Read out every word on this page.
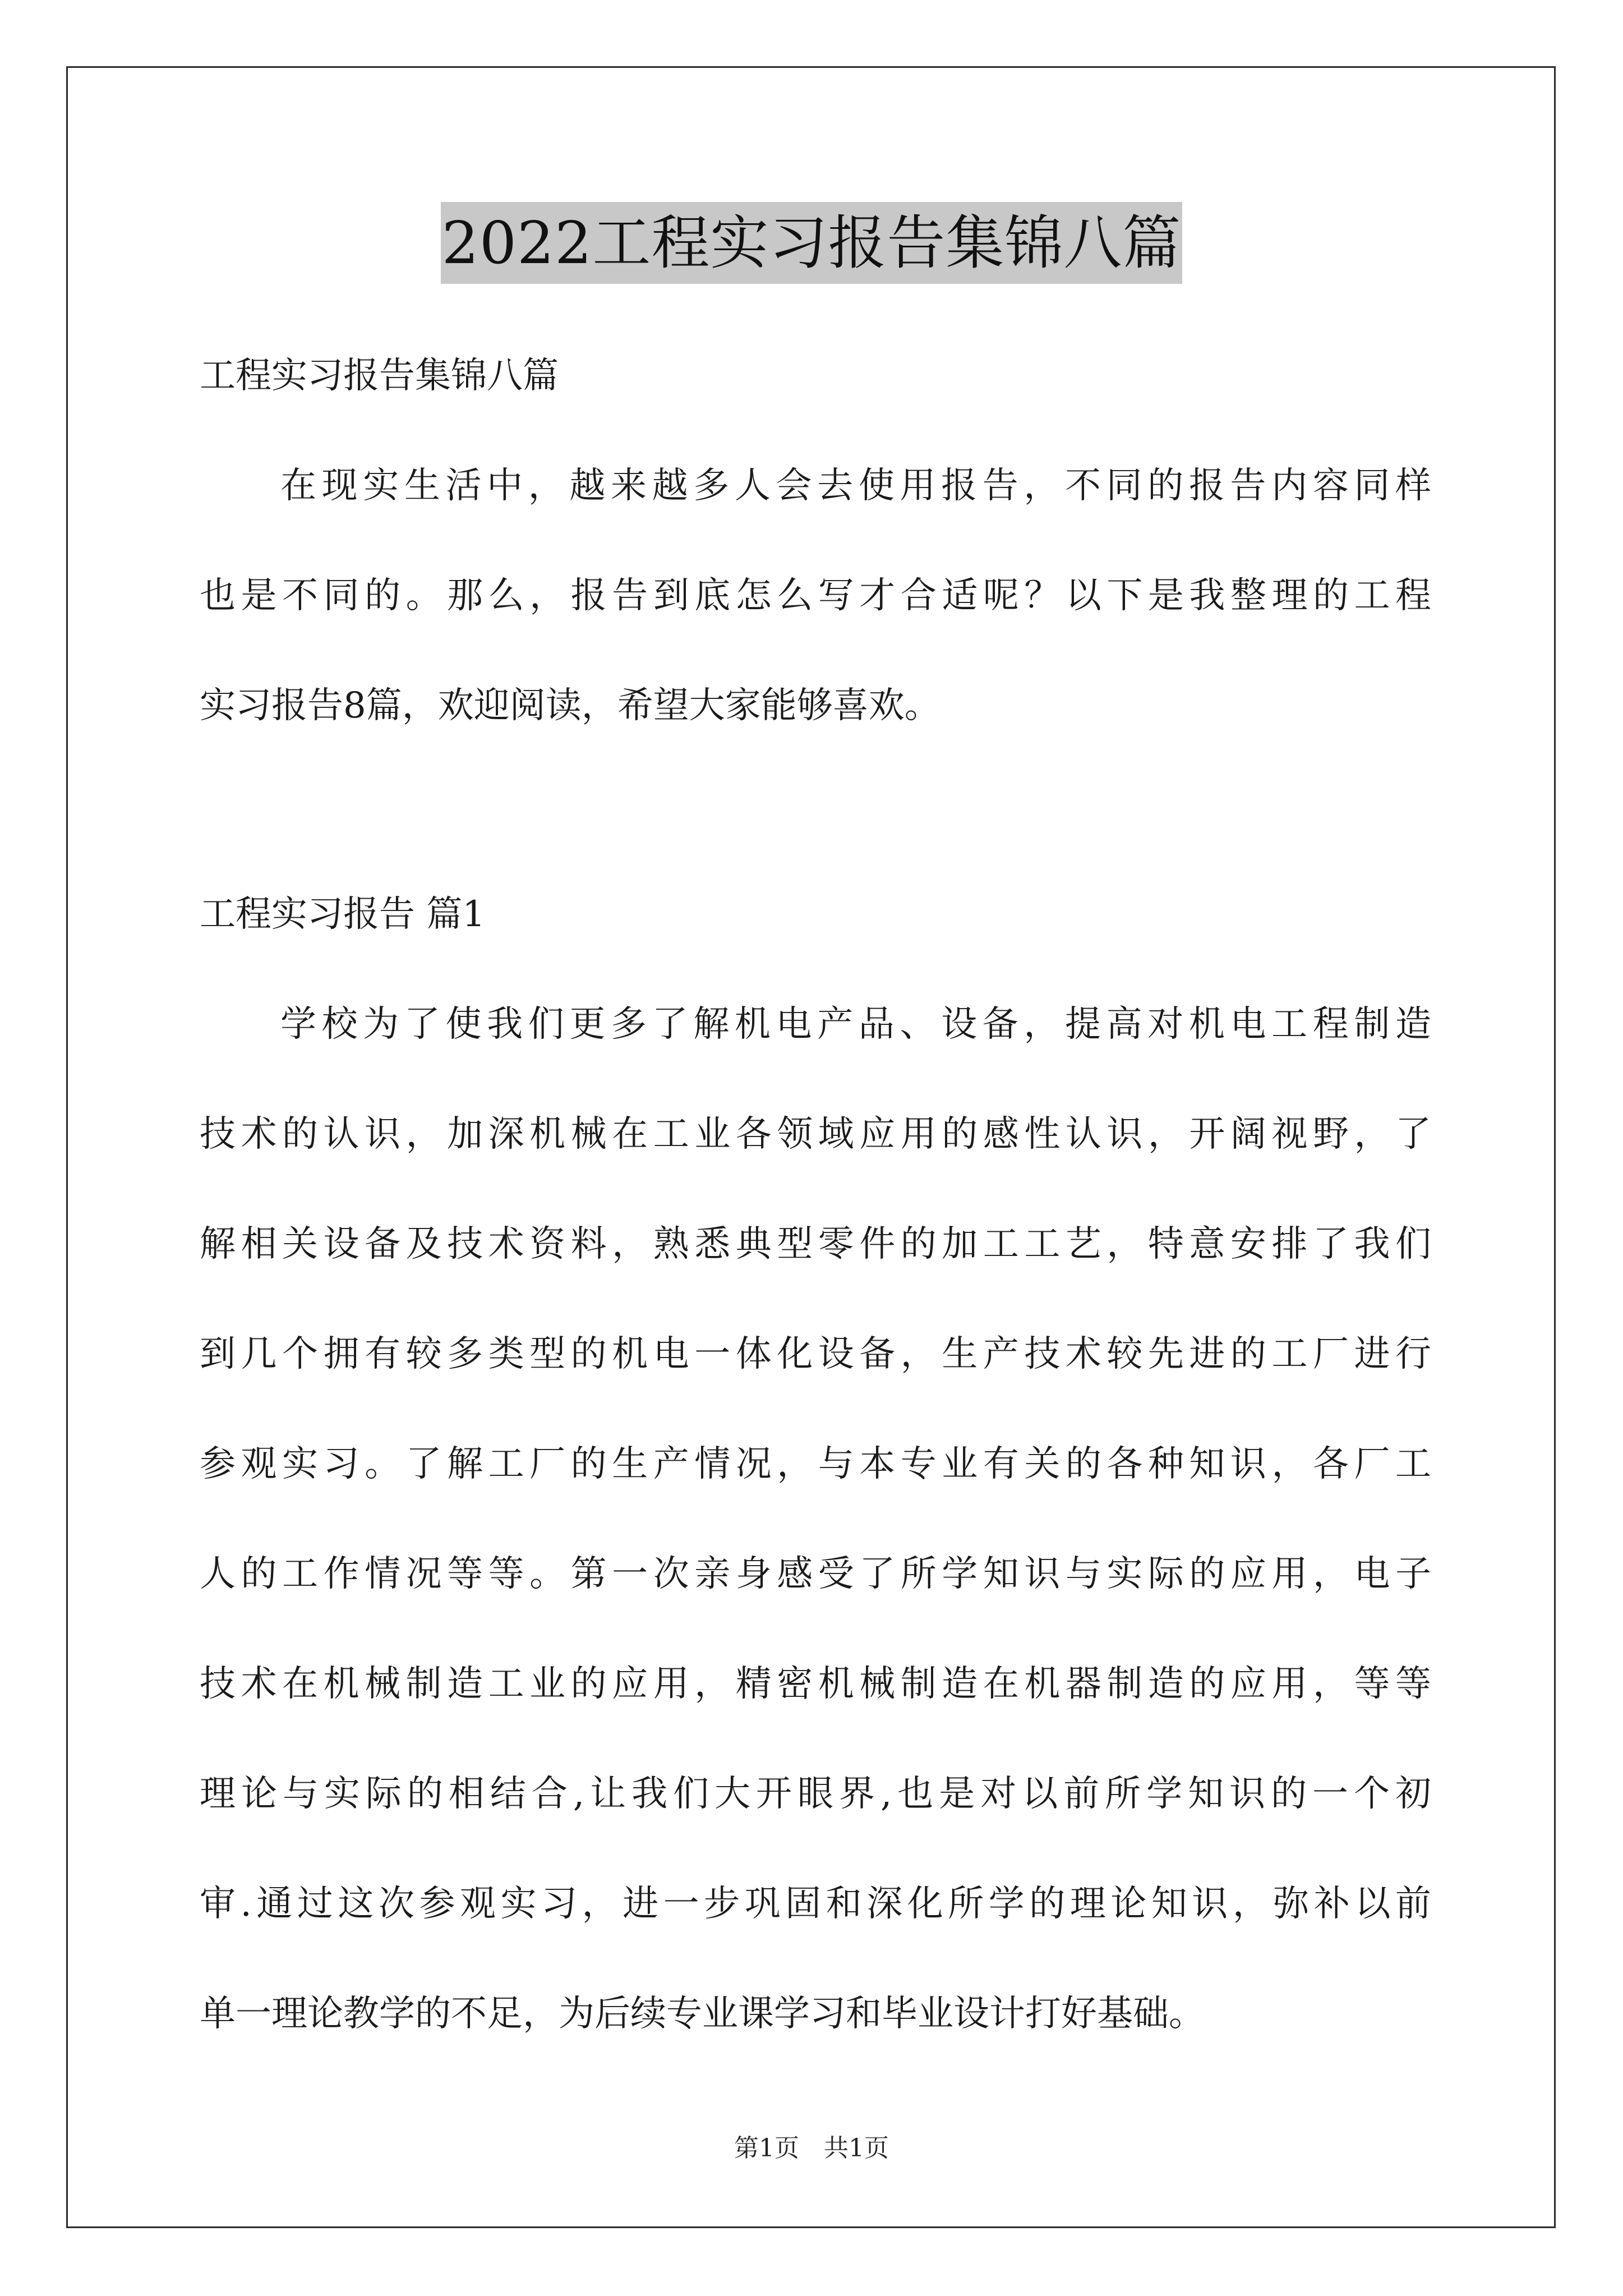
2022工程实习报告集锦八篇
工程实习报告集锦八篇
在现实生活中，越来越多人会去使用报告，不同的报告内容同样
也是不同的。那么，报告到底怎么写才合适呢？以下是我整理的工程
实习报告8篇，欢迎阅读，希望大家能够喜欢。
工程实习报告 篇1
学校为了使我们更多了解机电产品、设备，提高对机电工程制造
技术的认识，加深机械在工业各领域应用的感性认识，开阔视野，了
解相关设备及技术资料，熟悉典型零件的加工工艺，特意安排了我们
到几个拥有较多类型的机电一体化设备，生产技术较先进的工厂进行
参观实习。了解工厂的生产情况，与本专业有关的各种知识，各厂工
人的工作情况等等。第一次亲身感受了所学知识与实际的应用，电子
技术在机械制造工业的应用，精密机械制造在机器制造的应用，等等
理论与实际的相结合,让我们大开眼界,也是对以前所学知识的一个初
审.通过这次参观实习，进一步巩固和深化所学的理论知识，弥补以前
单一理论教学的不足，为后续专业课学习和毕业设计打好基础。
第1页　共1页
